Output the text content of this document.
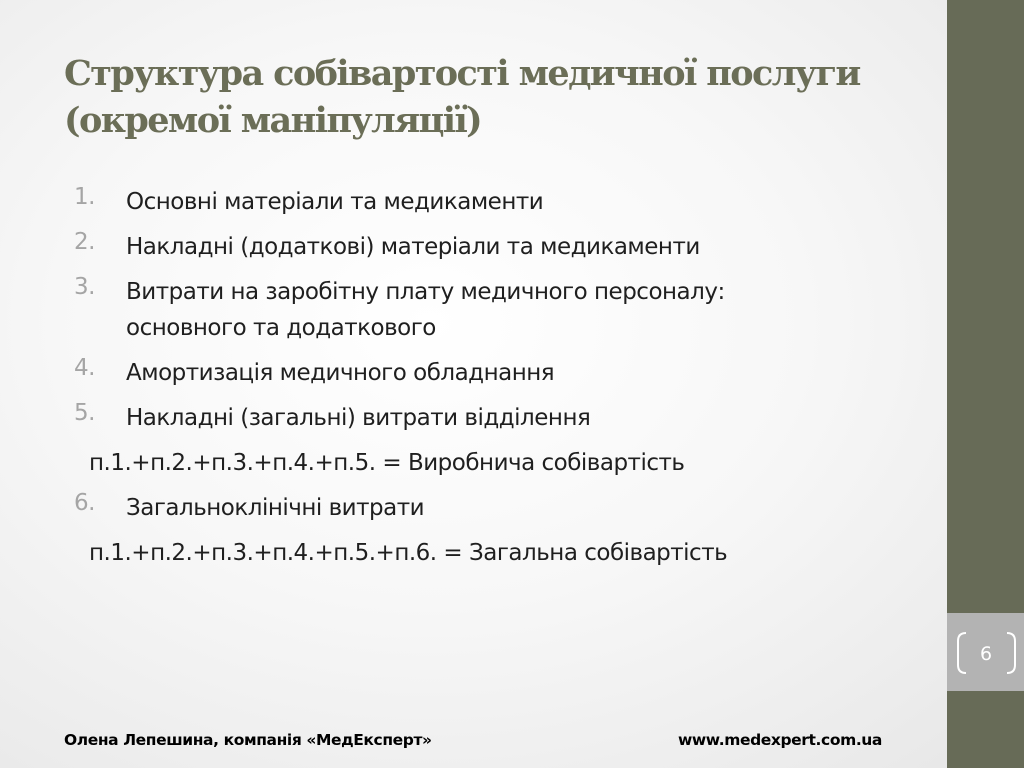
6
Структура собівартості медичної послуги
(окремої маніпуляції)
1. Основні матеріали та медикаменти
2. Накладні (додаткові) матеріали та медикаменти
3. Витрати на заробітну плату медичного персоналу:
основного та додаткового
4. Амортизація медичного обладнання
5. Накладні (загальні) витрати відділення
п.1.+п.2.+п.3.+п.4.+п.5. = Виробнича собівартість
6. Загальноклінічні витрати
п.1.+п.2.+п.3.+п.4.+п.5.+п.6. = Загальна собівартість
Олена Лепешина, компанія «МедЕксперт»	www.medexpert.com.ua
